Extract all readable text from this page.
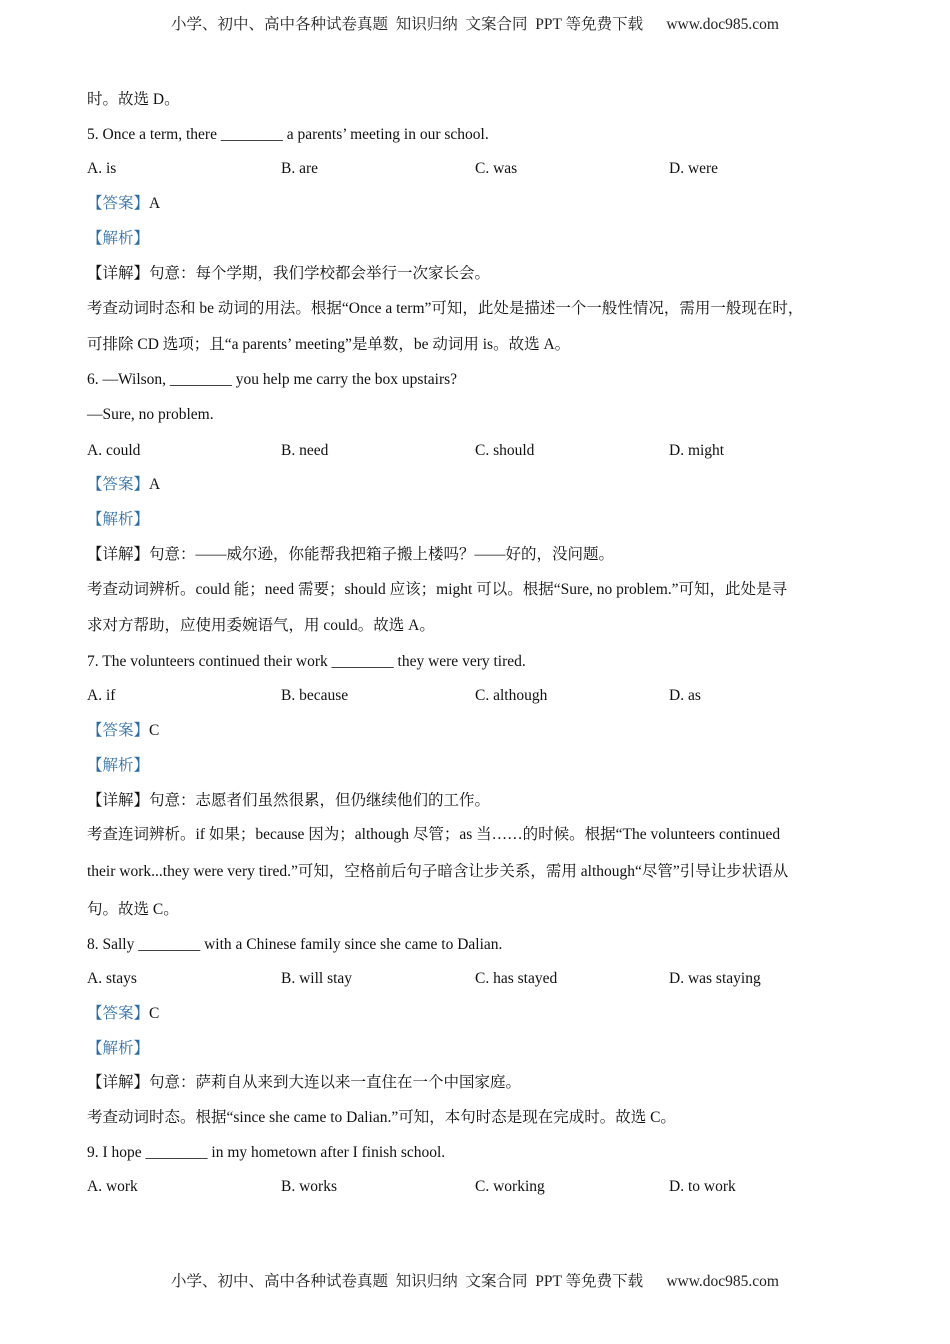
小学、初中、高中各种试卷真题  知识归纳  文案合同  PPT 等免费下载      www.doc985.com
时。故选 D。
5. Once a term, there ________ a parents’ meeting in our school.
A. is	B. are	C. was	D. were
【答案】A
【解析】
【详解】句意：每个学期，我们学校都会举行一次家长会。
考查动词时态和 be 动词的用法。根据“Once a term”可知，此处是描述一个一般性情况，需用一般现在时，
可排除 CD 选项；且“a parents’ meeting”是单数，be 动词用 is。故选 A。
6. —Wilson, ________ you help me carry the box upstairs?
—Sure, no problem.
A. could	B. need	C. should	D. might
【答案】A
【解析】
【详解】句意：——威尔逊，你能帮我把箱子搬上楼吗？——好的，没问题。
考查动词辨析。could 能；need 需要；should 应该；might 可以。根据“Sure, no problem.”可知，此处是寻
求对方帮助，应使用委婉语气，用 could。故选 A。
7. The volunteers continued their work ________ they were very tired.
A. if	B. because	C. although	D. as
【答案】C
【解析】
【详解】句意：志愿者们虽然很累，但仍继续他们的工作。
考查连词辨析。if 如果；because 因为；although 尽管；as 当……的时候。根据“The volunteers continued
their work...they were very tired.”可知，空格前后句子暗含让步关系，需用 although“尽管”引导让步状语从
句。故选 C。
8. Sally ________ with a Chinese family since she came to Dalian.
A. stays	B. will stay	C. has stayed	D. was staying
【答案】C
【解析】
【详解】句意：萨莉自从来到大连以来一直住在一个中国家庭。
考查动词时态。根据“since she came to Dalian.”可知，本句时态是现在完成时。故选 C。
9. I hope ________ in my hometown after I finish school.
A. work	B. works	C. working	D. to work
小学、初中、高中各种试卷真题  知识归纳  文案合同  PPT 等免费下载      www.doc985.com
